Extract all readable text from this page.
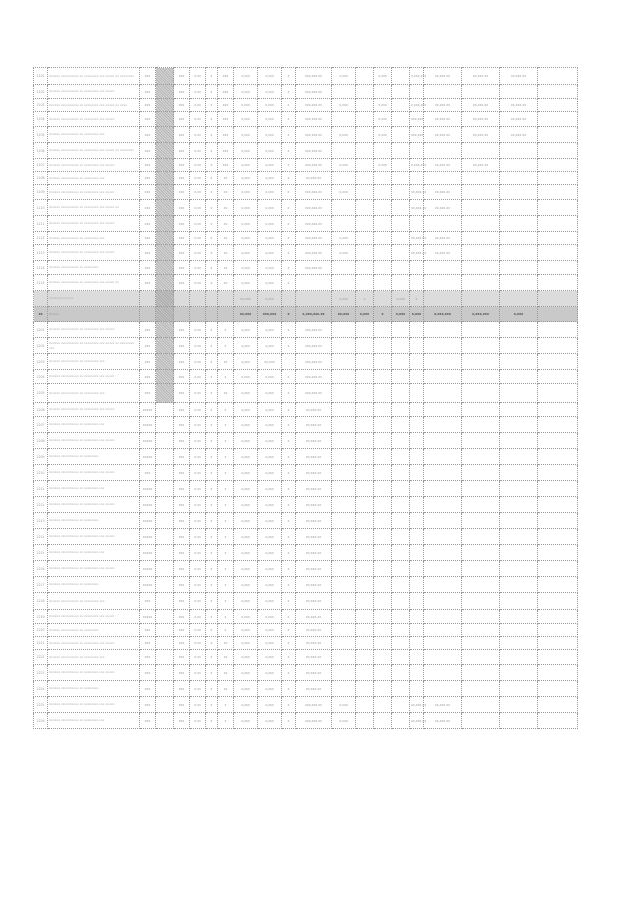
1101	Xxxxxx xxxxxxxxxx xx xxxxxxxx xxx xxxxx xx xxxxxxxx	xxx		xxx	x.xx	x	xxx	x,xxx	x,xxx	x	xxx,xxx.xx	x,xxx		x,xxx		x,xxx,xxx	xx,xxx.xx	xx,xxx.xx	xx,xxx.xx	
1102	Xxxxxx xxxxxxxxxx xx xxxxxxxx xxx xxxxx	xxx		xxx	x.xx	x	xxx	x,xxx	x,xxx	x	xxx,xxx.xx									
1103	Xxxxxx xxxxxxxxxx xx xxxxxxxx xxx xxxxx xx xxxx	xxx		xxx	x.xx	x	xxx	x,xxx	x,xxx	x	xxx,xxx.xx	x,xxx		x,xxx		x,xxx,xxx	xx,xxx.xx	xx,xxx.xx	xx,xxx.xx	
1104	Xxxxxx xxxxxxxxxx xx xxxxxxxx xxx xxxxx	xxx		xxx	x.xx	x	xxx	x,xxx	x,xxx	x	xxx,xxx.xx			x,xxx		xxx,xxx	xx,xxx.xx	xx,xxx.xx	xx,xxx.xx	
1105	Xxxxxx xxxxxxxxxx xx xxxxxxxx xxx	xxx		xxx	x.xx	x	xxx	x,xxx	x,xxx	x	xxx,xxx.xx	x,xxx		x,xxx		xxx,xxx	xx,xxx.xx	xx,xxx.xx	xx,xxx.xx	
1106	Xxxxxx xxxxxxxxxx xx xxxxxxxx xxx xxxxx xx xxxxxxxx	xxx		xxx	x.xx	x	xxx	x,xxx	x,xxx	x	xxx,xxx.xx									
1107	Xxxxxx xxxxxxxxxx xx xxxxxxxx xxx xxxxx	xxx		xxx	x.xx	x	xxx	x,xxx	x,xxx	x	xxx,xxx.xx	x,xxx		x,xxx		x,xxx,xxx	xx,xxx.xx	xx,xxx.xx		
1108	Xxxxxx xxxxxxxxxx xx xxxxxxxx xxx	xxx		xxx	x.xx	x	xx	x,xxx	x,xxx	x	xx,xxx.xx									
1109	Xxxxxx xxxxxxxxxx xx xxxxxxxx xxx xxxxx	xxx		xxx	x.xx	x	xx	x,xxx	x,xxx	x	xxx,xxx.xx	x,xxx				xx,xxx.xx	xx,xxx.xx			
1110	Xxxxxx xxxxxxxxxx xx xxxxxxxx xxx xxxxx xx	xxx		xxx	x.xx	x	xx	x,xxx	x,xxx	x	xxx,xxx.xx					xx,xxx.xx	xx,xxx.xx			
1111	Xxxxxx xxxxxxxxxx xx xxxxxxxx xxx xxxxx	xxx		xxx	x.xx	x	xx	x,xxx	x,xxx	x	xxx,xxx.xx									
1112	Xxxxxx xxxxxxxxxx xx xxxxxxxx xxx	xxx		xxx	x.xx	x	xx	x,xxx	x,xxx	x	xxx,xxx.xx	x,xxx				xx,xxx.xx	xx,xxx.xx			
1113	Xxxxxx xxxxxxxxxx xx xxxxxxxx xxx xxxxx	xxx		xxx	x.xx	x	xx	x,xxx	x,xxx	x	xxx,xxx.xx	x,xxx				xx,xxx.xx	xx,xxx.xx			
1114	Xxxxxx xxxxxxxxxx xx xxxxxxxx	xxx		xxx	x.xx	x	xx	x,xxx	x,xxx	x	xxx,xxx.xx									
1115	Xxxxxx xxxxxxxxxx xx xxxxxxxx xxx xxxxx xx	xxx		xxx	x.xx	x	xx	x,xxx	x,xxx	x										
	Xxxxxxxx xxxxx							xx,xxx	x,xxx			x,xxx	x		x,xxx	x				
xx	Xxxxx							xx,xxx	xxx,xxx	x	x,xxx,xxx.xx	xx,xxx	x,xxx	x	x,xxx	x,xxx	x,xxx,xxx	x,xxx,xxx	x,xxx	
1201	Xxxxxx xxxxxxxxxx xx xxxxxxxx xxx xxxxx	xxx		xxx	x.xx	x	x	x,xxx	x,xxx	x	xxx,xxx.xx									
1202	Xxxxxx xxxxxxxxxx xx xxxxxxxx xxx xxxxx xx xxxxxxxx xxx	xxx		xxx	x.xx	x	x	x,xxx	x,xxx	x	xxx,xxx.xx									
1203	Xxxxxx xxxxxxxxxx xx xxxxxxxx xxx	xxx		xxx	x.xx	x	xx	x,xxx	xx,xxx		xxx,xxx.xx									
1204	Xxxxxx xxxxxxxxxx xx xxxxxxxx xxx xxxxx	xxx		xxx	x.xx	x	x	x,xxx	x,xxx	x	xxx,xxx.xx									
1205	Xxxxxx xxxxxxxxxx xx xxxxxxxx xxx	xxx		xxx	x.xx	x	xx	x,xxx	x,xxx	x	xxx,xxx.xx									
1206	Xxxxxx xxxxxxxxxx xx xxxxxxxx xxx xxxxx	xxxxx		xxx	x.xx	x	x	x,xxx	x,xxx	x	xx,xxx.xx									
1207	Xxxxxx xxxxxxxxxx xx xxxxxxxx xxx	xxxxx		xxx	x.xx	x	x	x,xxx	x,xxx	x	xx,xxx.xx									
1208	Xxxxxx xxxxxxxxxx xx xxxxxxxx xxx xxxxx	xxxxx		xxx	x.xx	x	x	x,xxx	x,xxx	x	xx,xxx.xx									
1209	Xxxxxx xxxxxxxxxx xx xxxxxxxx	xxxxx		xxx	x.xx	x	x	x,xxx	x,xxx	x	xx,xxx.xx									
1210	Xxxxxx xxxxxxxxxx xx xxxxxxxx xxx xxxxx	xxx		xxx	x.xx	x	x	x,xxx	x,xxx	x	xx,xxx.xx									
1211	Xxxxxx xxxxxxxxxx xx xxxxxxxx xxx	xxxxx		xxx	x.xx	x	x	x,xxx	x,xxx	x	xx,xxx.xx									
1212	Xxxxxx xxxxxxxxxx xx xxxxxxxx xxx xxxxx	xxxxx		xxx	x.xx	x	x	x,xxx	x,xxx	x	xx,xxx.xx									
1213	Xxxxxx xxxxxxxxxx xx xxxxxxxx	xxxxx		xxx	x.xx	x	x	x,xxx	x,xxx	x	xx,xxx.xx									
1214	Xxxxxx xxxxxxxxxx xx xxxxxxxx xxx xxxxx	xxxxx		xxx	x.xx	x	x	x,xxx	x,xxx	x	xx,xxx.xx									
1215	Xxxxxx xxxxxxxxxx xx xxxxxxxx xxx	xxxxx		xxx	x.xx	x	x	x,xxx	x,xxx	x	xx,xxx.xx									
1216	Xxxxxx xxxxxxxxxx xx xxxxxxxx xxx xxxxx	xxxxx		xxx	x.xx	x	x	x,xxx	x,xxx	x	xx,xxx.xx									
1217	Xxxxxx xxxxxxxxxx xx xxxxxxxx	xxxxx		xxx	x.xx	x	x	x,xxx	x,xxx	x	xx,xxx.xx									
1218	Xxxxxx xxxxxxxxxx xx xxxxxxxx xxx	xxx		xxx	x.xx	x	x	x,xxx	x,xxx	x	xx,xxx.xx									
1219	Xxxxxx xxxxxxxxxx xx xxxxxxxx xxx xxxxx	xxxxx		xxx	x.xx	x	x	x,xxx	x,xxx	x	xx,xxx.xx									
1220	Xxxxxx xxxxxxxxxx xx xxxxxxxx	xxx		xxx	x.xx	x	x	x,xxx	x,xxx	x	xx,xxx.xx									
1221	Xxxxxx xxxxxxxxxx xx xxxxxxxx xxx xxxxx	xxx		xxx	x.xx	x	xx	x,xxx	x,xxx	x	xx,xxx.xx									
1222	Xxxxxx xxxxxxxxxx xx xxxxxxxx xxx	xxx		xxx	x.xx	x	xx	x,xxx	x,xxx	x	xx,xxx.xx									
1223	Xxxxxx xxxxxxxxxx xx xxxxxxxx xxx xxxxx	xxx		xxx	x.xx	x	xx	x,xxx	x,xxx	x	xx,xxx.xx									
1224	Xxxxxx xxxxxxxxxx xx xxxxxxxx	xxx		xxx	x.xx	x	xx	x,xxx	x,xxx	x	xx,xxx.xx									
1225	Xxxxxx xxxxxxxxxx xx xxxxxxxx xxx xxxxx	xxx		xxx	x.xx	x	x	x,xxx	x,xxx	x	xxx,xxx.xx	x,xxx				xx,xxx.xx	xx,xxx.xx			
1226	Xxxxxx xxxxxxxxxx xx xxxxxxxx xxx	xxx		xxx	x.xx	x	x	x,xxx	x,xxx	x	xxx,xxx.xx	x,xxx				xx,xxx.xx	xx,xxx.xx			
